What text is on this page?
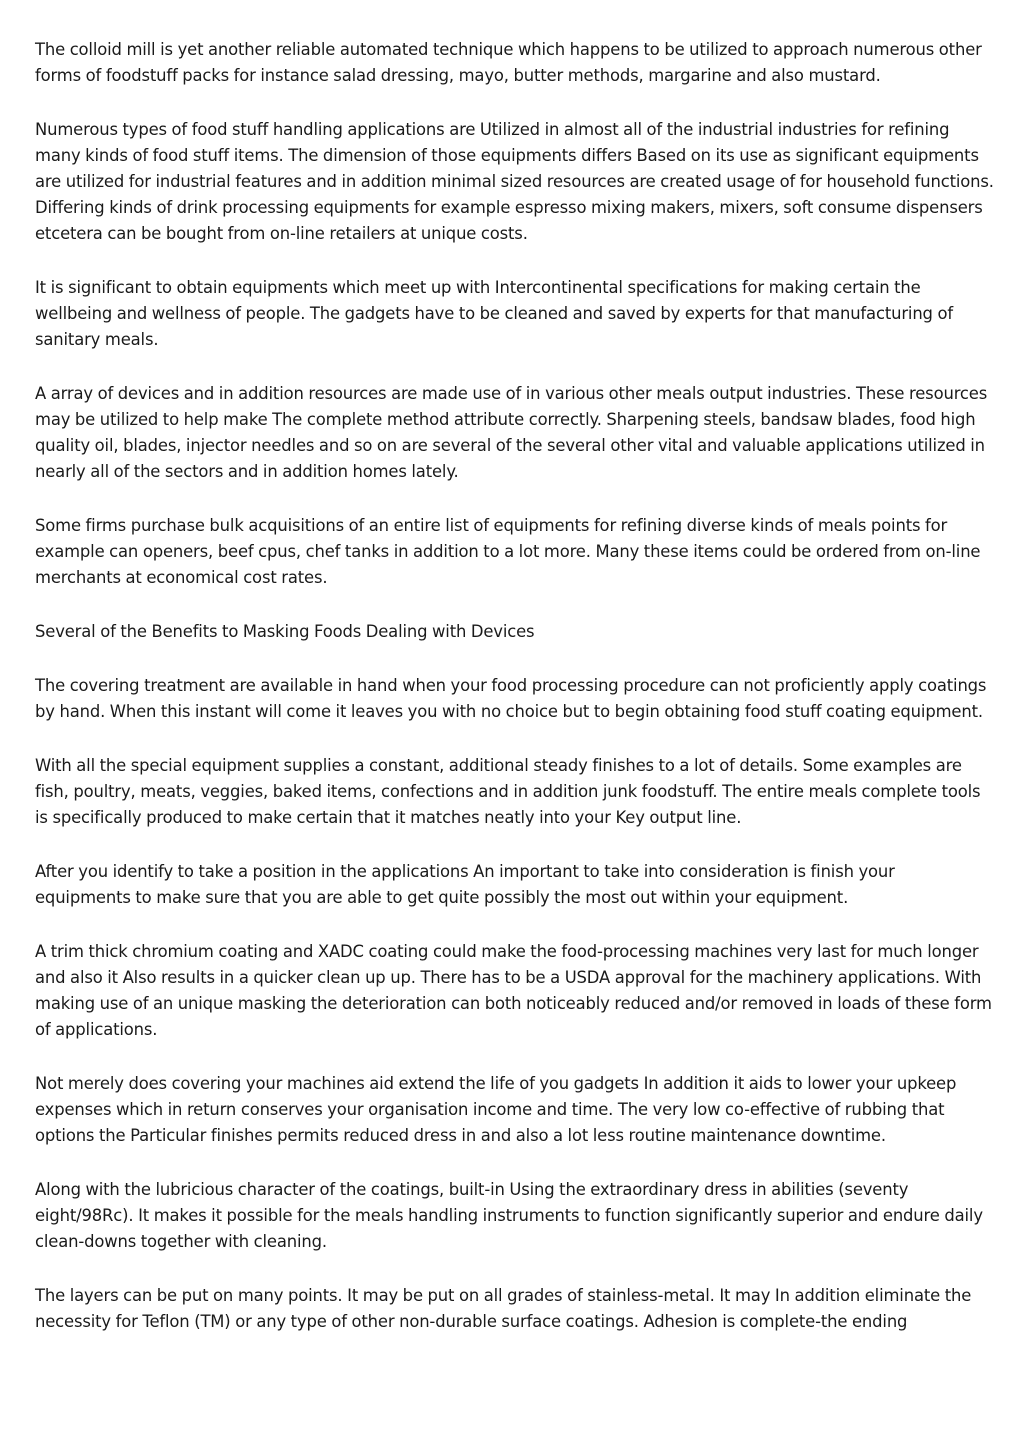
The colloid mill is yet another reliable automated technique which happens to be utilized to approach numerous other forms of foodstuff packs for instance salad dressing, mayo, butter methods, margarine and also mustard.

Numerous types of food stuff handling applications are Utilized in almost all of the industrial industries for refining many kinds of food stuff items. The dimension of those equipments differs Based on its use as significant equipments are utilized for industrial features and in addition minimal sized resources are created usage of for household functions. Differing kinds of drink processing equipments for example espresso mixing makers, mixers, soft consume dispensers etcetera can be bought from on-line retailers at unique costs.

It is significant to obtain equipments which meet up with Intercontinental specifications for making certain the wellbeing and wellness of people. The gadgets have to be cleaned and saved by experts for that manufacturing of sanitary meals.

A array of devices and in addition resources are made use of in various other meals output industries. These resources may be utilized to help make The complete method attribute correctly. Sharpening steels, bandsaw blades, food high quality oil, blades, injector needles and so on are several of the several other vital and valuable applications utilized in nearly all of the sectors and in addition homes lately.

Some firms purchase bulk acquisitions of an entire list of equipments for refining diverse kinds of meals points for example can openers, beef cpus, chef tanks in addition to a lot more. Many these items could be ordered from on-line merchants at economical cost rates.

Several of the Benefits to Masking Foods Dealing with Devices

The covering treatment are available in hand when your food processing procedure can not proficiently apply coatings by hand. When this instant will come it leaves you with no choice but to begin obtaining food stuff coating equipment.

With all the special equipment supplies a constant, additional steady finishes to a lot of details. Some examples are fish, poultry, meats, veggies, baked items, confections and in addition junk foodstuff. The entire meals complete tools is specifically produced to make certain that it matches neatly into your Key output line.

After you identify to take a position in the applications An important to take into consideration is finish your equipments to make sure that you are able to get quite possibly the most out within your equipment.

A trim thick chromium coating and XADC coating could make the food-processing machines very last for much longer and also it Also results in a quicker clean up up. There has to be a USDA approval for the machinery applications. With making use of an unique masking the deterioration can both noticeably reduced and/or removed in loads of these form of applications.

Not merely does covering your machines aid extend the life of you gadgets In addition it aids to lower your upkeep expenses which in return conserves your organisation income and time. The very low co-effective of rubbing that options the Particular finishes permits reduced dress in and also a lot less routine maintenance downtime.

Along with the lubricious character of the coatings, built-in Using the extraordinary dress in abilities (seventy eight/98Rc). It makes it possible for the meals handling instruments to function significantly superior and endure daily clean-downs together with cleaning.

The layers can be put on many points. It may be put on all grades of stainless-metal. It may In addition eliminate the necessity for Teflon (TM) or any type of other non-durable surface coatings. Adhesion is complete-the ending
